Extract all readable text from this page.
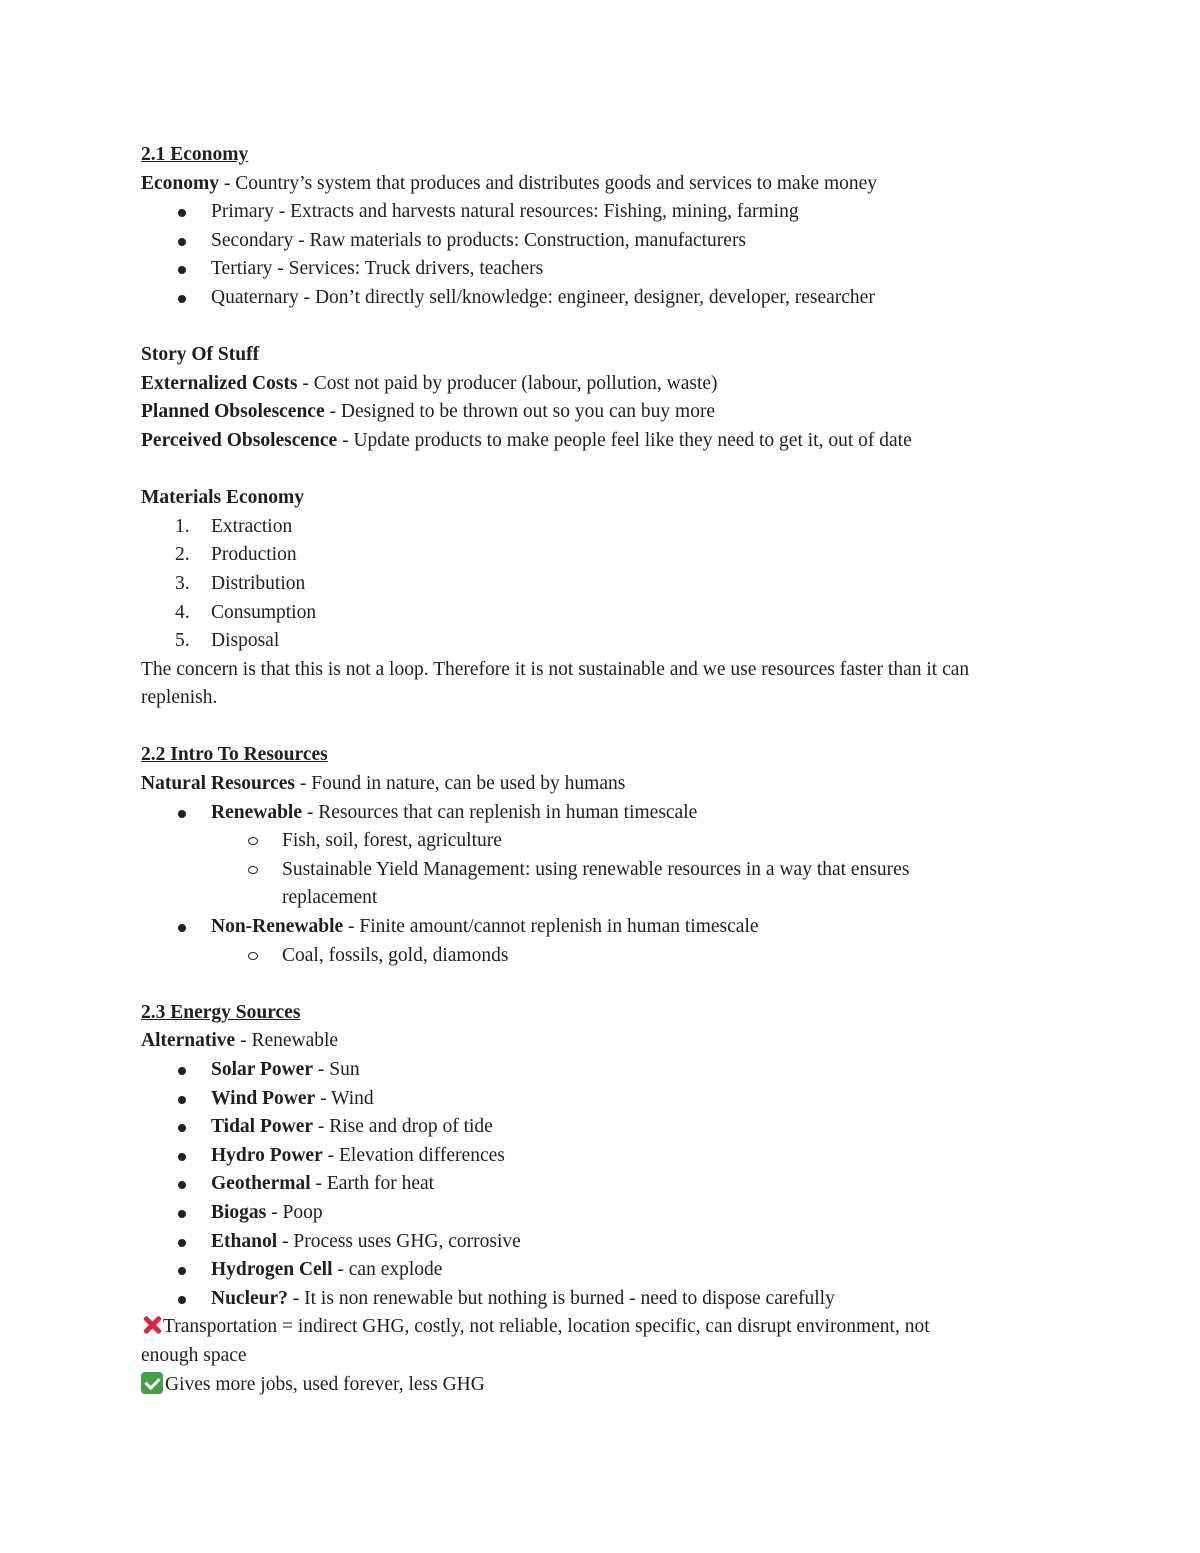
2.1 Economy

Economy - Country’s system that produces and distributes goods and services to make money

Primary - Extracts and harvests natural resources: Fishing, mining, farming
Secondary - Raw materials to products: Construction, manufacturers
Tertiary - Services: Truck drivers, teachers
Quaternary - Don’t directly sell/knowledge: engineer, designer, developer, researcher

Story Of Stuff

Externalized Costs - Cost not paid by producer (labour, pollution, waste)

Planned Obsolescence - Designed to be thrown out so you can buy more

Perceived Obsolescence - Update products to make people feel like they need to get it, out of date

Materials Economy

1. Extraction
2. Production
3. Distribution
4. Consumption
5. Disposal

The concern is that this is not a loop. Therefore it is not sustainable and we use resources faster than it can

replenish.

2.2 Intro To Resources

Natural Resources - Found in nature, can be used by humans

Renewable - Resources that can replenish in human timescale
Fish, soil, forest, agriculture
Sustainable Yield Management: using renewable resources in a way that ensures replacement
Non-Renewable - Finite amount/cannot replenish in human timescale
Coal, fossils, gold, diamonds

2.3 Energy Sources

Alternative - Renewable

Solar Power - Sun
Wind Power - Wind
Tidal Power - Rise and drop of tide
Hydro Power - Elevation differences
Geothermal - Earth for heat
Biogas - Poop
Ethanol - Process uses GHG, corrosive
Hydrogen Cell - can explode
Nucleur? - It is non renewable but nothing is burned - need to dispose carefully

Transportation = indirect GHG, costly, not reliable, location specific, can disrupt environment, not

enough space

Gives more jobs, used forever, less GHG
